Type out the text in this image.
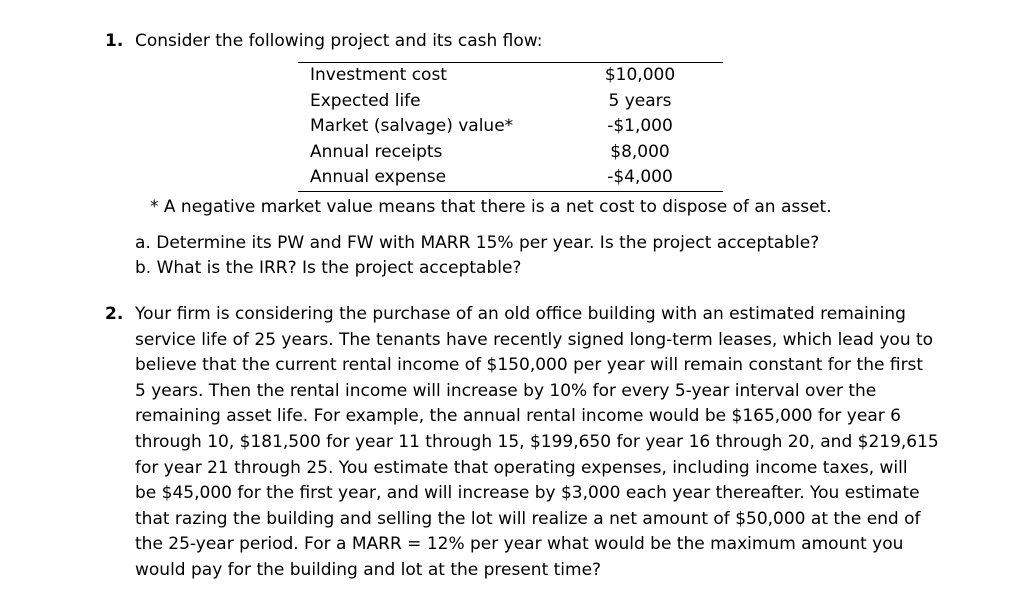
1. Consider the following project and its cash flow:
Investment cost	$10,000
Expected life	5 years
Market (salvage) value*	-$1,000
Annual receipts	$8,000
Annual expense	-$4,000
* A negative market value means that there is a net cost to dispose of an asset.
a. Determine its PW and FW with MARR 15% per year. Is the project acceptable?
b. What is the IRR? Is the project acceptable?
2. Your firm is considering the purchase of an old office building with an estimated remaining
service life of 25 years. The tenants have recently signed long-term leases, which lead you to
believe that the current rental income of $150,000 per year will remain constant for the first
5 years. Then the rental income will increase by 10% for every 5-year interval over the
remaining asset life. For example, the annual rental income would be $165,000 for year 6
through 10, $181,500 for year 11 through 15, $199,650 for year 16 through 20, and $219,615
for year 21 through 25. You estimate that operating expenses, including income taxes, will
be $45,000 for the first year, and will increase by $3,000 each year thereafter. You estimate
that razing the building and selling the lot will realize a net amount of $50,000 at the end of
the 25-year period. For a MARR = 12% per year what would be the maximum amount you
would pay for the building and lot at the present time?
